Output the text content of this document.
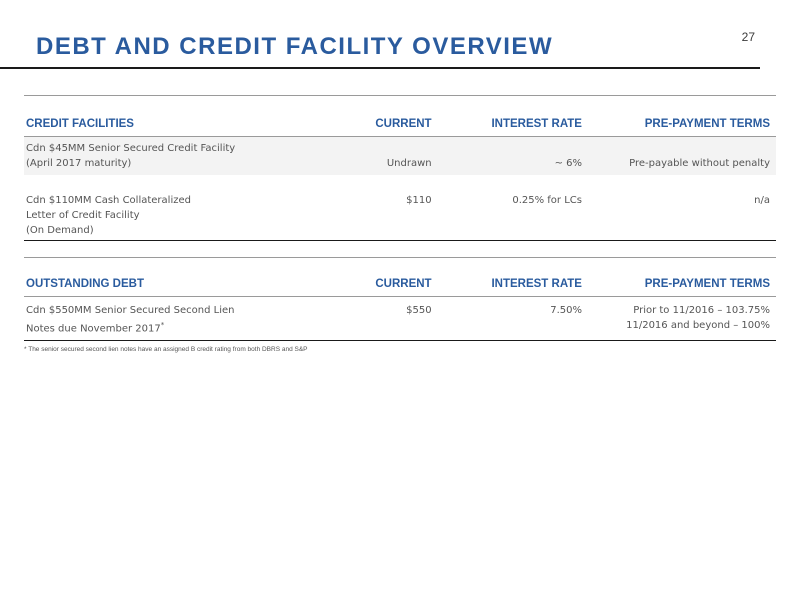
27
DEBT AND CREDIT FACILITY OVERVIEW
CREDIT FACILITIES	CURRENT	INTEREST RATE	PRE-PAYMENT TERMS

Cdn $45MM Senior Secured Credit Facility
(April 2017 maturity)	Undrawn	~ 6%	Pre-payable without penalty

Cdn $110MM Cash Collateralized
Letter of Credit Facility
(On Demand)	$110	0.25% for LCs	n/a
OUTSTANDING DEBT	CURRENT	INTEREST RATE	PRE-PAYMENT TERMS

Cdn $550MM Senior Secured Second Lien
Notes due November 2017*	$550	7.50%	Prior to 11/2016 – 103.75%
11/2016 and beyond – 100%
* The senior secured second lien notes have an assigned B credit rating from both DBRS and S&P
